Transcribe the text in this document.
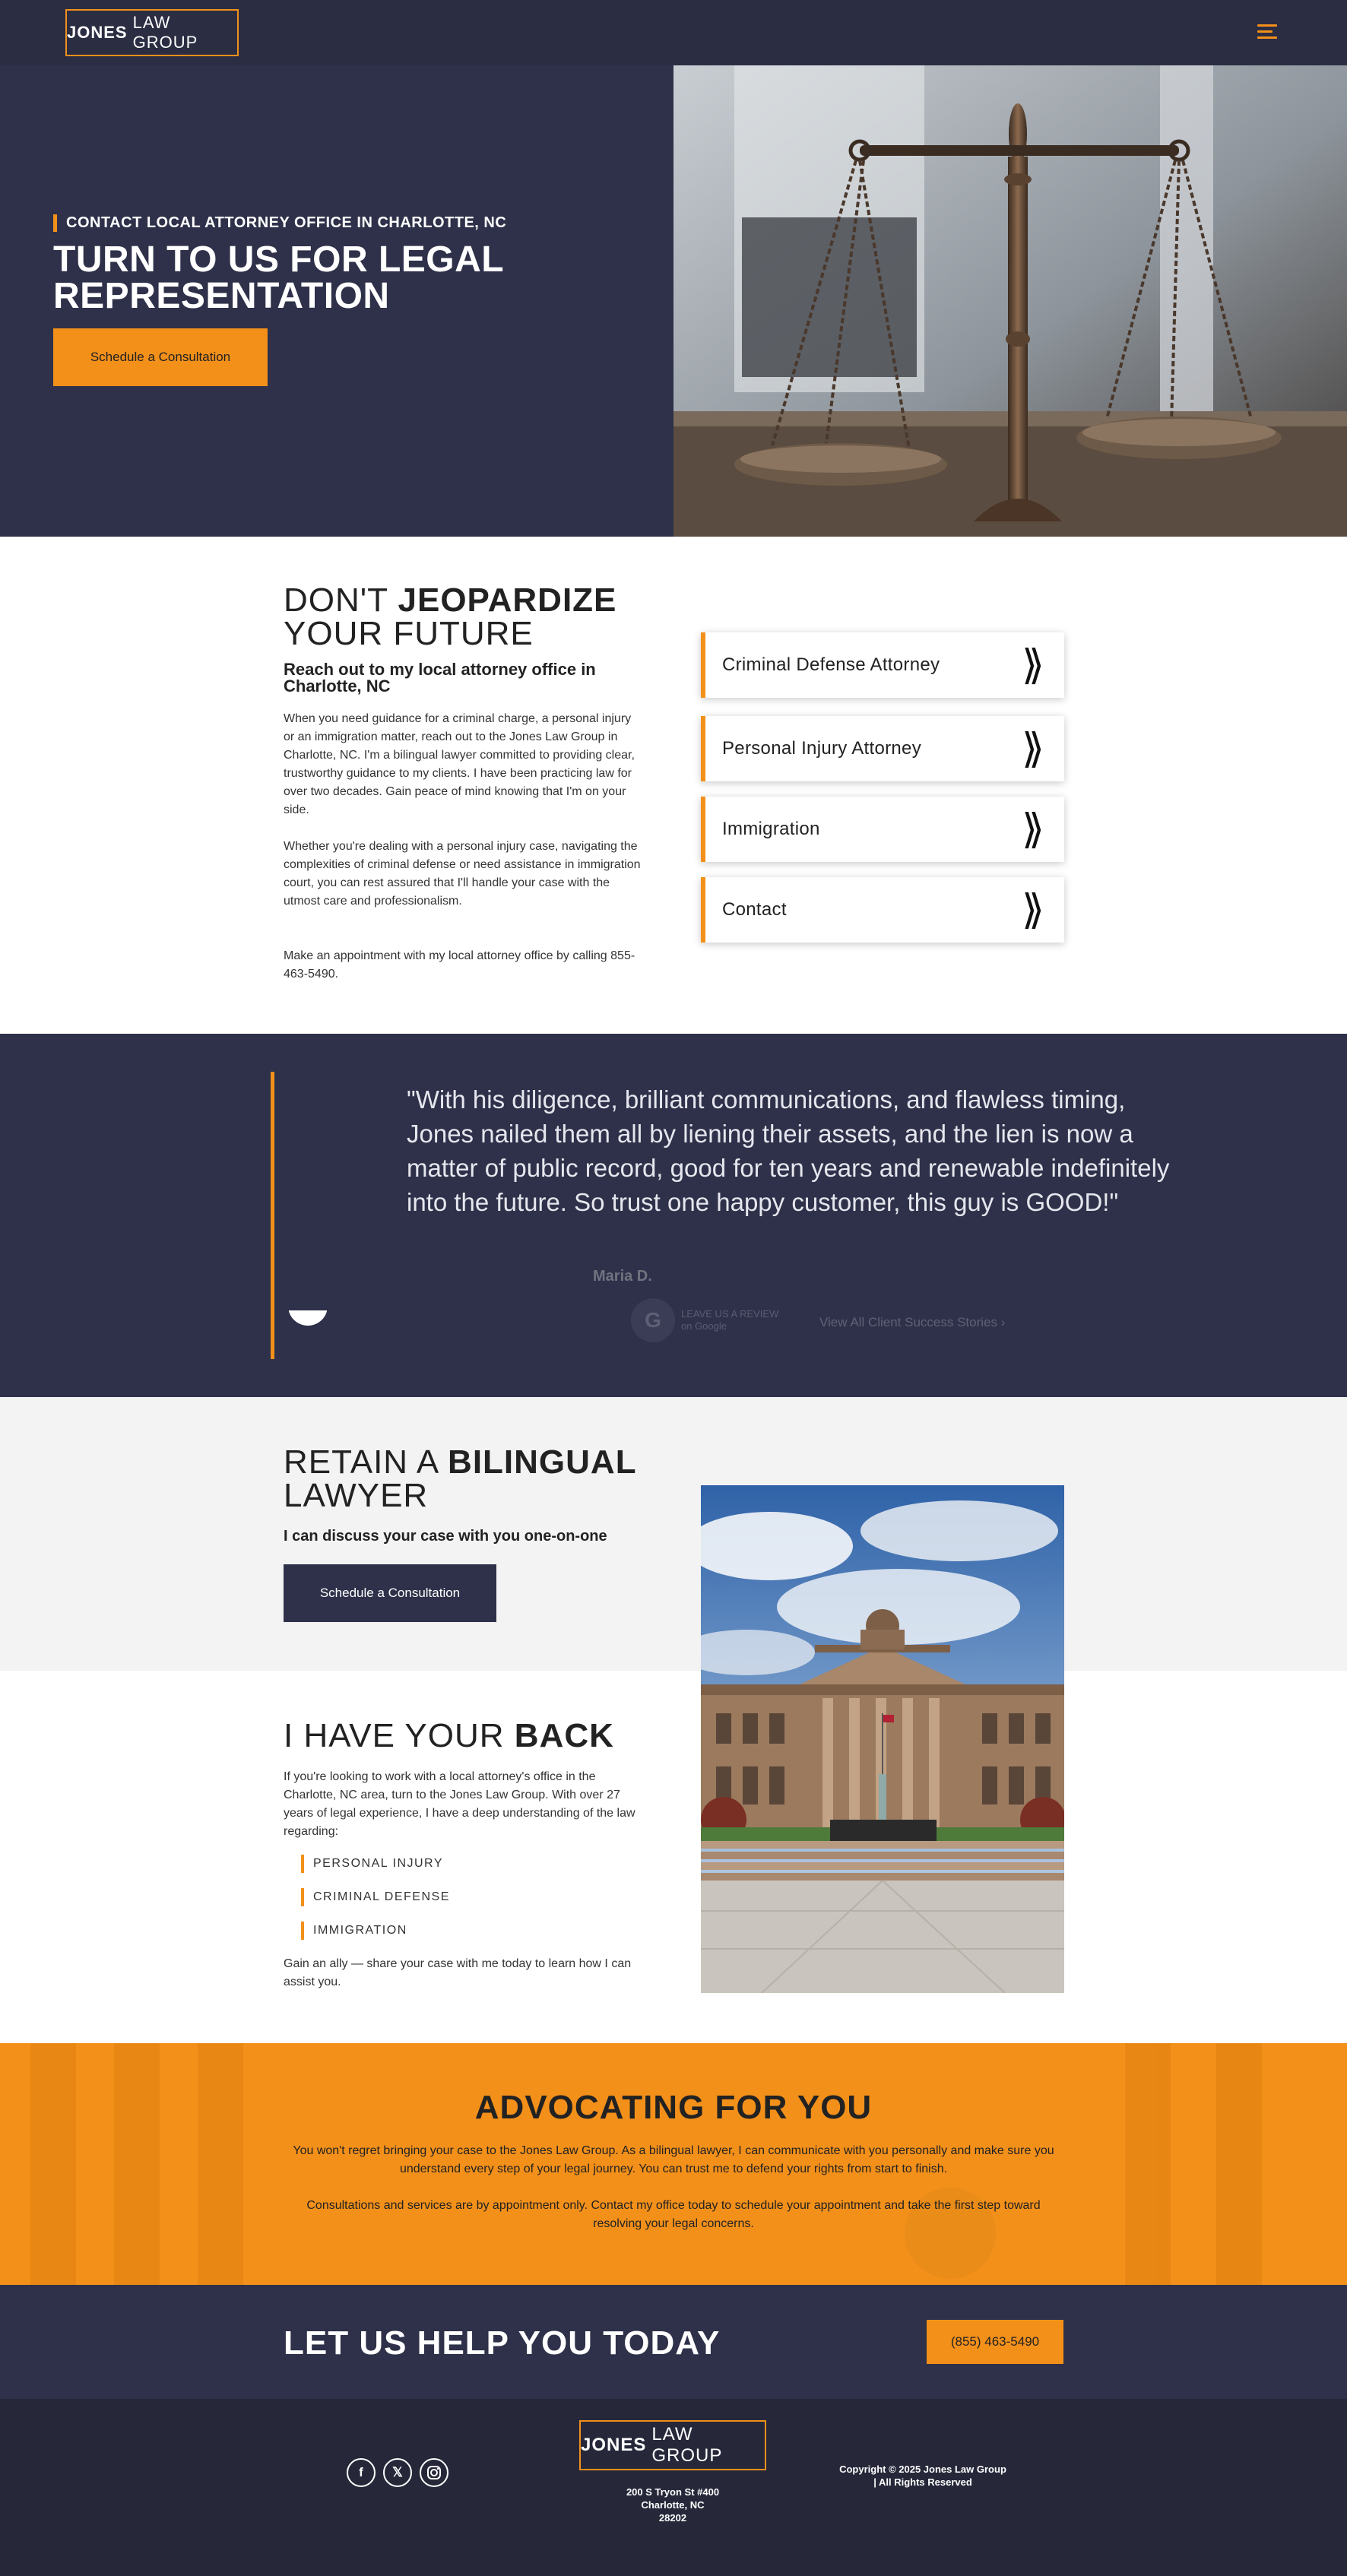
JONES
LAW GROUP
CONTACT LOCAL ATTORNEY OFFICE IN CHARLOTTE, NC
TURN TO US FOR LEGAL
REPRESENTATION
Schedule a Consultation
DON'T JEOPARDIZE
YOUR FUTURE
Reach out to my local attorney office in Charlotte, NC

When you need guidance for a criminal charge, a personal injury or an immigration matter, reach out to the Jones Law Group in Charlotte, NC. I'm a bilingual lawyer committed to providing clear, trustworthy guidance to my clients. I have been practicing law for over two decades. Gain peace of mind knowing that I'm on your side.

Whether you're dealing with a personal injury case, navigating the complexities of criminal defense or need assistance in immigration court, you can rest assured that I'll handle your case with the utmost care and professionalism.

Make an appointment with my local attorney office by calling 855-463-5490.

Criminal Defense Attorney ⟫
Personal Injury Attorney ⟫
Immigration	⟫
Contact	⟫

"With his diligence, brilliant communications, and flawless timing, Jones nailed them all by liening their assets, and the lien is now a matter of public record, good for ten years and renewable indefinitely into the future. So trust one happy customer, this guy is GOOD!"

Maria D.
G	LEAVE US A REVIEW
on Google	View All Client Success Stories ›
RETAIN A BILINGUAL
LAWYER
I can discuss your case with you one-on-one
Schedule a Consultation
I HAVE YOUR BACK

If you're looking to work with a local attorney's office in the Charlotte, NC area, turn to the Jones Law Group. With over 27 years of legal experience, I have a deep understanding of the law regarding:

PERSONAL INJURY
CRIMINAL DEFENSE
IMMIGRATION

Gain an ally — share your case with me today to learn how I can assist you.

ADVOCATING FOR YOU

You won't regret bringing your case to the Jones Law Group. As a bilingual lawyer, I can communicate with you personally and make sure you understand every step of your legal journey. You can trust me to defend your rights from start to finish.

Consultations and services are by appointment only. Contact my office today to schedule your appointment and take the first step toward resolving your legal concerns.

LET US HELP YOU TODAY	(855) 463-5490
f	𝕏
JONES
LAW GROUP
200 S Tryon St #400
Charlotte, NC
28202
Copyright © 2025 Jones Law Group | All Rights Reserved
